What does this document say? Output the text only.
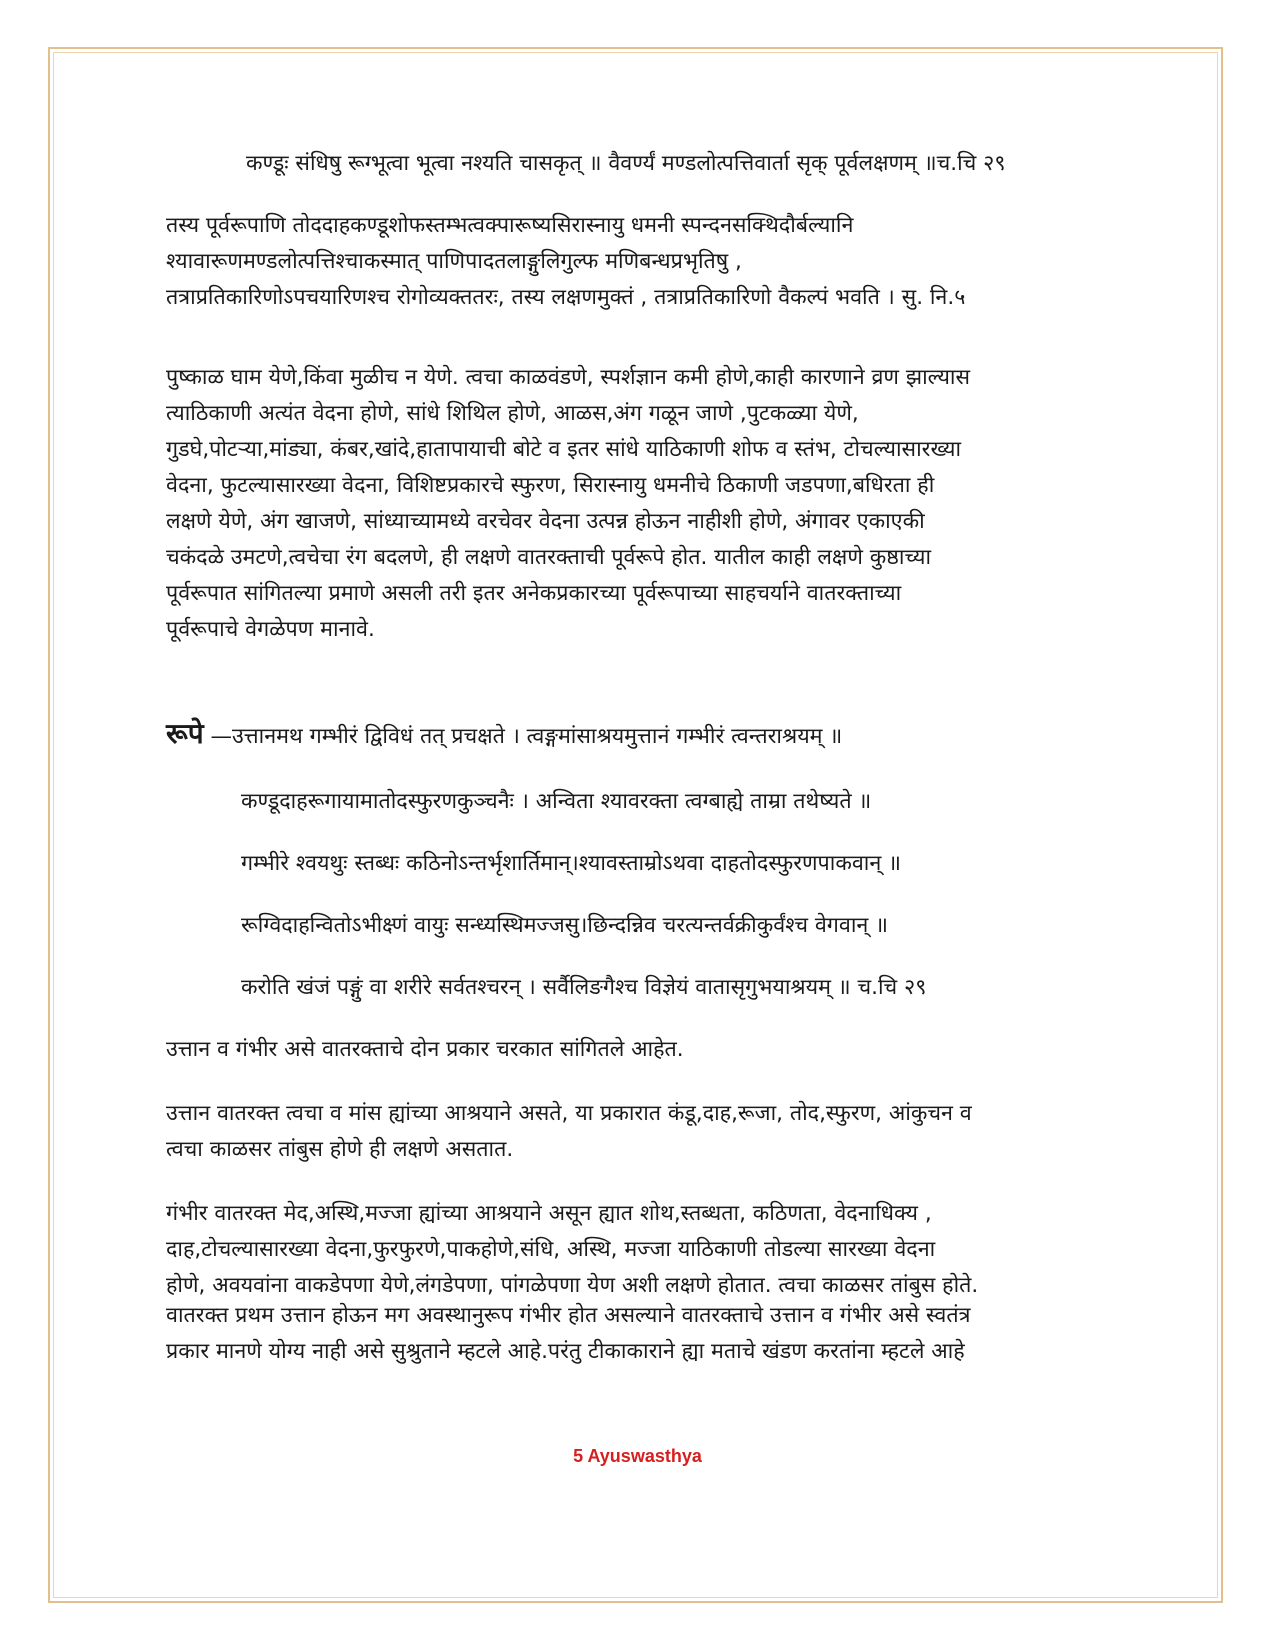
कण्डूः संधिषु रूग्भूत्वा भूत्वा नश्यति चासकृत् ॥ वैवर्ण्यं मण्डलोत्पत्तिवार्ता सृक् पूर्वलक्षणम् ॥च.चि २९

तस्य पूर्वरूपाणि तोददाहकण्डूशोफस्तम्भत्वक्पारूष्यसिरास्नायु धमनी स्पन्दनसक्थिदौर्बल्यानि

श्यावारूणमण्डलोत्पत्तिश्चाकस्मात् पाणिपादतलाङ्गुलिगुल्फ मणिबन्धप्रभृतिषु ,

तत्राप्रतिकारिणोऽपचयारिणश्च रोगोव्यक्ततरः, तस्य लक्षणमुक्तं , तत्राप्रतिकारिणो वैकल्पं भवति । सु. नि.५

पुष्काळ घाम येणे,किंवा मुळीच न येणे. त्वचा काळवंडणे, स्पर्शज्ञान कमी होणे,काही कारणाने व्रण झाल्यास

त्याठिकाणी अत्यंत वेदना होणे, सांधे शिथिल होणे, आळस,अंग गळून जाणे ,पुटकळ्या येणे,

गुडघे,पोटऱ्या,मांड्या, कंबर,खांदे,हातापायाची बोटे व इतर सांधे याठिकाणी शोफ व स्तंभ, टोचल्यासारख्या

वेदना, फुटल्यासारख्या वेदना, विशिष्टप्रकारचे स्फुरण, सिरास्नायु धमनीचे ठिकाणी जडपणा,बधिरता ही

लक्षणे येणे, अंग खाजणे, सांध्याच्यामध्ये वरचेवर वेदना उत्पन्न होऊन नाहीशी होणे, अंगावर एकाएकी

चकंदळे उमटणे,त्वचेचा रंग बदलणे, ही लक्षणे वातरक्ताची पूर्वरूपे होत. यातील काही लक्षणे कुष्ठाच्या

पूर्वरूपात सांगितल्या प्रमाणे असली तरी इतर अनेकप्रकारच्या पूर्वरूपाच्या साहचर्याने वातरक्ताच्या

पूर्वरूपाचे वेगळेपण मानावे.

रूपे —उत्तानमथ गम्भीरं द्विविधं तत् प्रचक्षते । त्वङ्गमांसाश्रयमुत्तानं गम्भीरं त्वन्तराश्रयम् ॥

कण्डूदाहरूगायामातोदस्फुरणकुञ्चनैः । अन्विता श्यावरक्ता त्वग्बाह्ये ताम्रा तथेष्यते ॥

गम्भीरे श्वयथुः स्तब्धः कठिनोऽन्तर्भृशार्तिमान्।श्यावस्ताम्रोऽथवा दाहतोदस्फुरणपाकवान् ॥

रूग्विदाहन्वितोऽभीक्ष्णं वायुः सन्ध्यस्थिमज्जसु।छिन्दन्निव चरत्यन्तर्वक्रीकुर्वंश्च वेगवान् ॥

करोति खंजं पङ्गुं वा शरीरे सर्वतश्चरन् । सर्वैलिङगैश्च विज्ञेयं वातासृगुभयाश्रयम् ॥ च.चि २९

उत्तान व गंभीर असे वातरक्ताचे दोन प्रकार चरकात सांगितले आहेत.

उत्तान वातरक्त त्वचा व मांस ह्यांच्या आश्रयाने असते, या प्रकारात कंडू,दाह,रूजा, तोद,स्फुरण, आंकुचन व

त्वचा काळसर तांबुस होणे ही लक्षणे असतात.

गंभीर वातरक्त मेद,अस्थि,मज्जा ह्यांच्या आश्रयाने असून ह्यात शोथ,स्तब्धता, कठिणता, वेदनाधिक्य ,

दाह,टोचल्यासारख्या वेदना,फुरफुरणे,पाकहोणे,संधि, अस्थि, मज्जा याठिकाणी तोडल्या सारख्या वेदना

होणे, अवयवांना वाकडेपणा येणे,लंगडेपणा, पांगळेपणा येण अशी लक्षणे होतात. त्वचा काळसर तांबुस होते.

वातरक्त प्रथम उत्तान होऊन मग अवस्थानुरूप गंभीर होत असल्याने वातरक्ताचे उत्तान व गंभीर असे स्वतंत्र

प्रकार मानणे योग्य नाही असे सुश्रुताने म्हटले आहे.परंतु टीकाकाराने ह्या मताचे खंडण करतांना म्हटले आहे

5 Ayuswasthya
